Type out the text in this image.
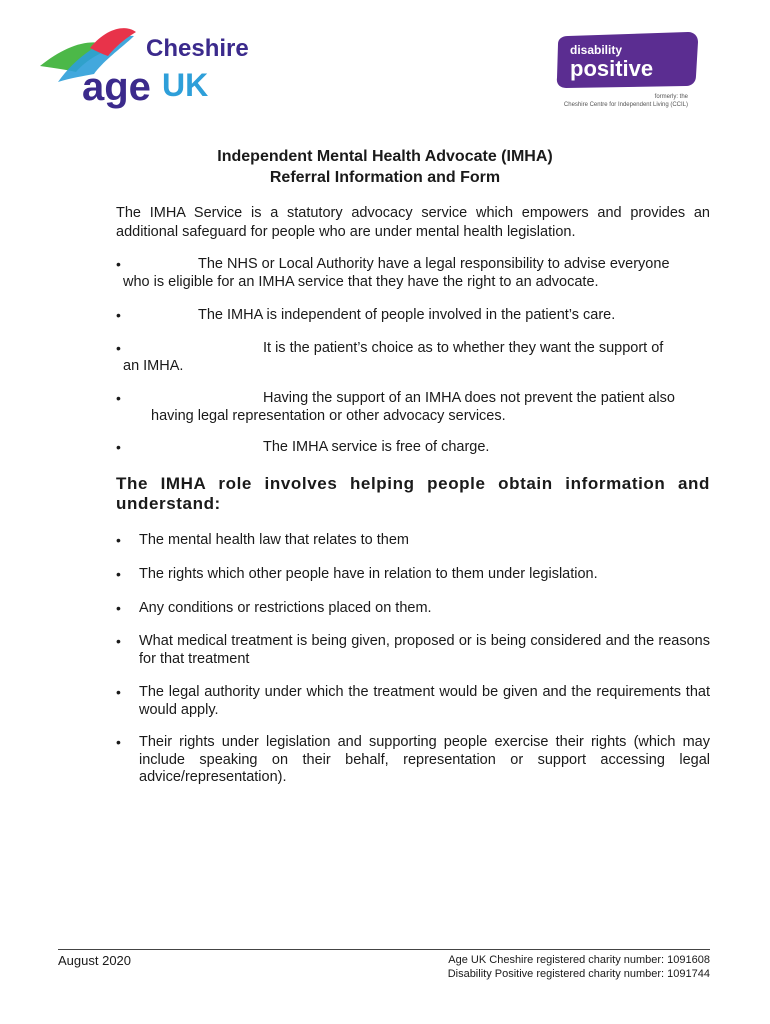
Cheshire
age UK
disability
positive
formerly: the
Cheshire Centre for Independent Living (CCIL)
Independent Mental Health Advocate (IMHA)
Referral Information and Form
The IMHA Service is a statutory advocacy service which empowers and provides an additional safeguard for people who are under mental health legislation.
•	The NHS or Local Authority have a legal responsibility to advise everyone
who is eligible for an IMHA service that they have the right to an advocate.
•	The IMHA is independent of people involved in the patient’s care.
•	It is the patient’s choice as to whether they want the support of
an IMHA.
•	Having the support of an IMHA does not prevent the patient also
having legal representation or other advocacy services.
•	The IMHA service is free of charge.
The IMHA role involves helping people obtain information and
understand:
• The mental health law that relates to them
• The rights which other people have in relation to them under legislation.
• Any conditions or restrictions placed on them.
• What medical treatment is being given, proposed or is being considered and the reasons for that treatment
• The legal authority under which the treatment would be given and the requirements that would apply.
• Their rights under legislation and supporting people exercise their rights (which may include speaking on their behalf, representation or support accessing legal advice/representation).
August 2020	Age UK Cheshire registered charity number: 1091608
Disability Positive registered charity number: 1091744
